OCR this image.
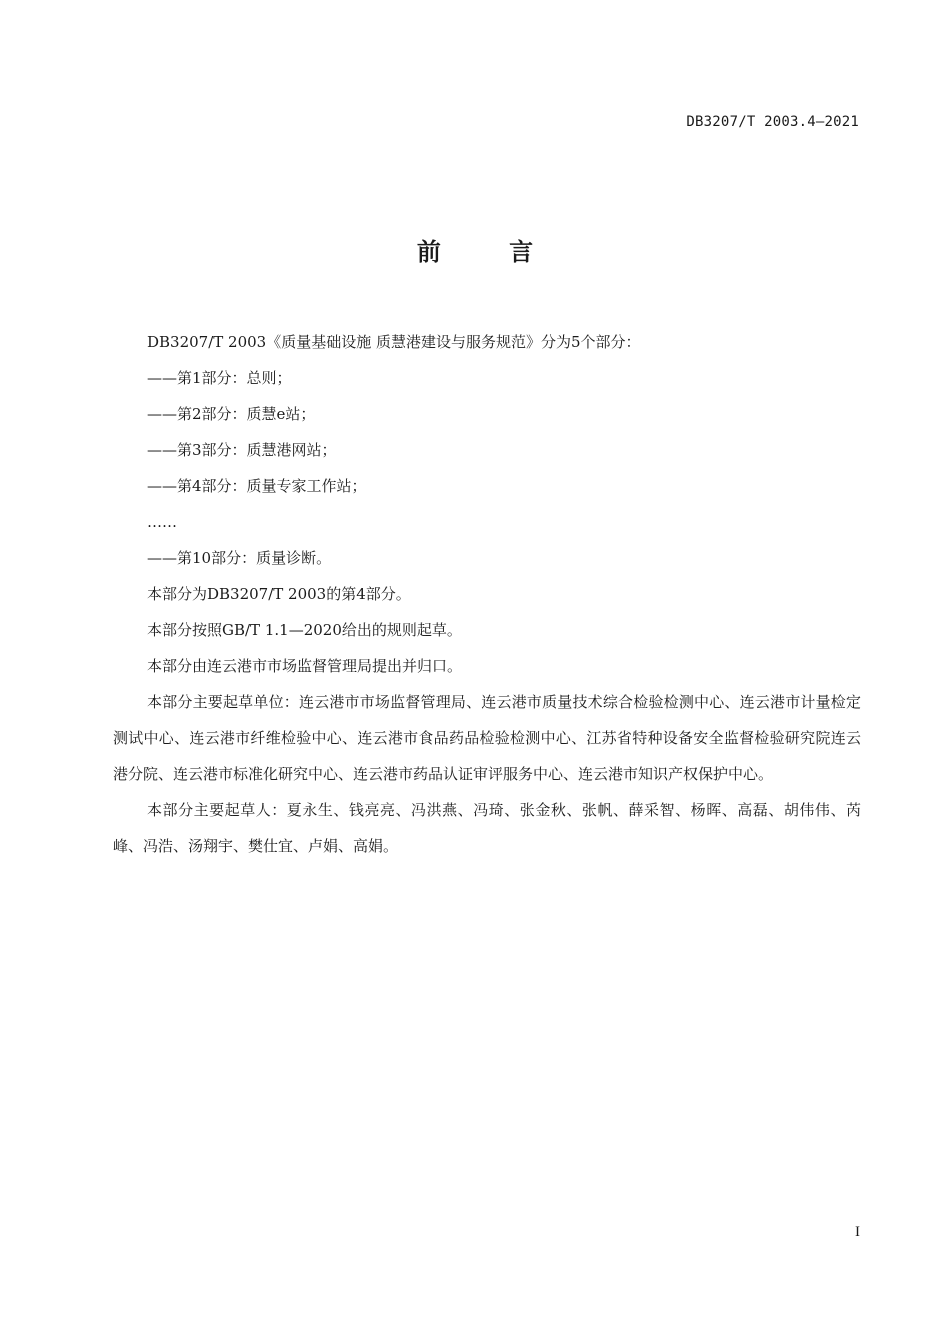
DB3207/T 2003.4—2021
前 言

DB3207/T 2003《质量基础设施 质慧港建设与服务规范》分为5个部分：

——第1部分：总则；

——第2部分：质慧e站；

——第3部分：质慧港网站；

——第4部分：质量专家工作站；

……

——第10部分：质量诊断。

本部分为DB3207/T 2003的第4部分。

本部分按照GB/T 1.1—2020给出的规则起草。

本部分由连云港市市场监督管理局提出并归口。

本部分主要起草单位：连云港市市场监督管理局、连云港市质量技术综合检验检测中心、连云港市计量检定测试中心、连云港市纤维检验中心、连云港市食品药品检验检测中心、江苏省特种设备安全监督检验研究院连云港分院、连云港市标准化研究中心、连云港市药品认证审评服务中心、连云港市知识产权保护中心。

本部分主要起草人：夏永生、钱亮亮、冯洪燕、冯琦、张金秋、张帆、薛采智、杨晖、高磊、胡伟伟、芮峰、冯浩、汤翔宇、樊仕宜、卢娟、高娟。

I
